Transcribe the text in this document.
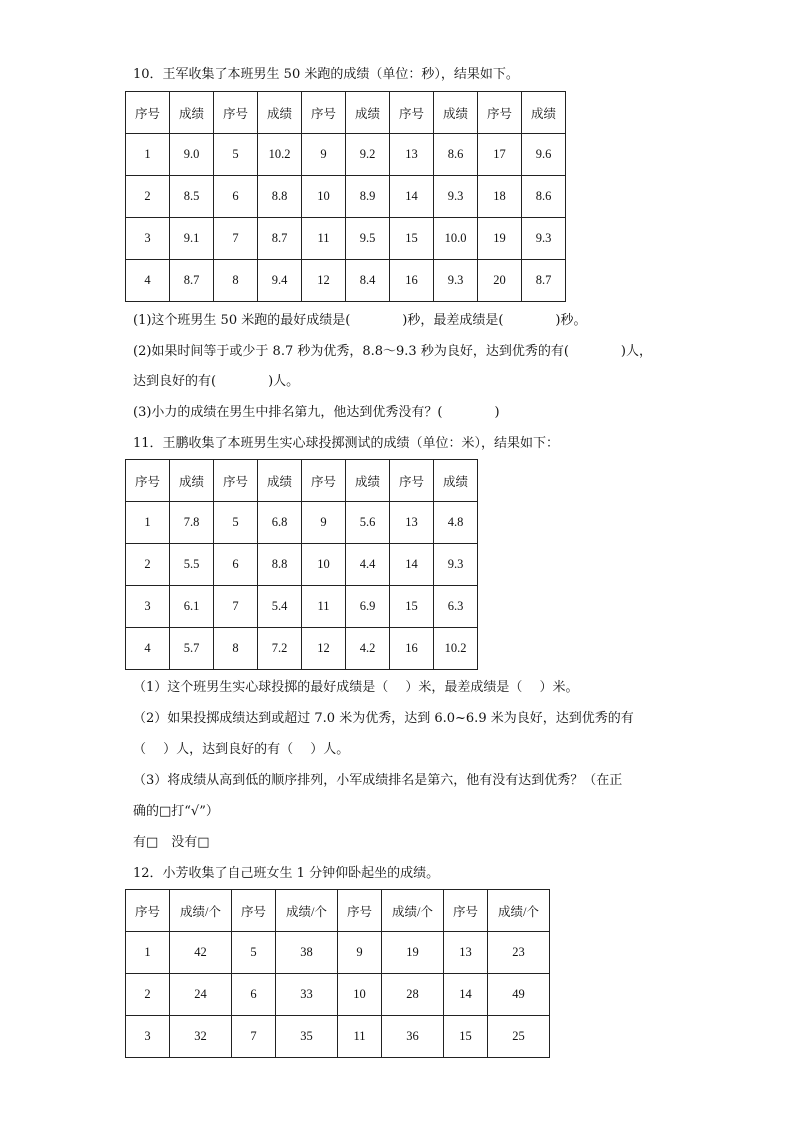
10．王军收集了本班男生 50 米跑的成绩（单位：秒），结果如下。
序号	成绩	序号	成绩	序号	成绩	序号	成绩	序号	成绩
1	9.0	5	10.2	9	9.2	13	8.6	17	9.6
2	8.5	6	8.8	10	8.9	14	9.3	18	8.6
3	9.1	7	8.7	11	9.5	15	10.0	19	9.3
4	8.7	8	9.4	12	8.4	16	9.3	20	8.7
(1)这个班男生 50 米跑的最好成绩是(　　　　)秒，最差成绩是(　　　　)秒。
(2)如果时间等于或少于 8.7 秒为优秀，8.8～9.3 秒为良好，达到优秀的有(　　　　)人，
达到良好的有(　　　　)人。
(3)小力的成绩在男生中排名第九，他达到优秀没有？(　　　　)
11．王鹏收集了本班男生实心球投掷测试的成绩（单位：米），结果如下：
序号	成绩	序号	成绩	序号	成绩	序号	成绩
1	7.8	5	6.8	9	5.6	13	4.8
2	5.5	6	8.8	10	4.4	14	9.3
3	6.1	7	5.4	11	6.9	15	6.3
4	5.7	8	7.2	12	4.2	16	10.2
（1）这个班男生实心球投掷的最好成绩是（　 ）米，最差成绩是（　 ）米。
（2）如果投掷成绩达到或超过 7.0 米为优秀，达到 6.0~6.9 米为良好，达到优秀的有
（　 ）人，达到良好的有（　 ）人。
（3）将成绩从高到低的顺序排列，小军成绩排名是第六，他有没有达到优秀？（在正
确的□打“√”）
有□　没有□
12．小芳收集了自己班女生 1 分钟仰卧起坐的成绩。
序号	成绩/个	序号	成绩/个	序号	成绩/个	序号	成绩/个
1	42	5	38	9	19	13	23
2	24	6	33	10	28	14	49
3	32	7	35	11	36	15	25
